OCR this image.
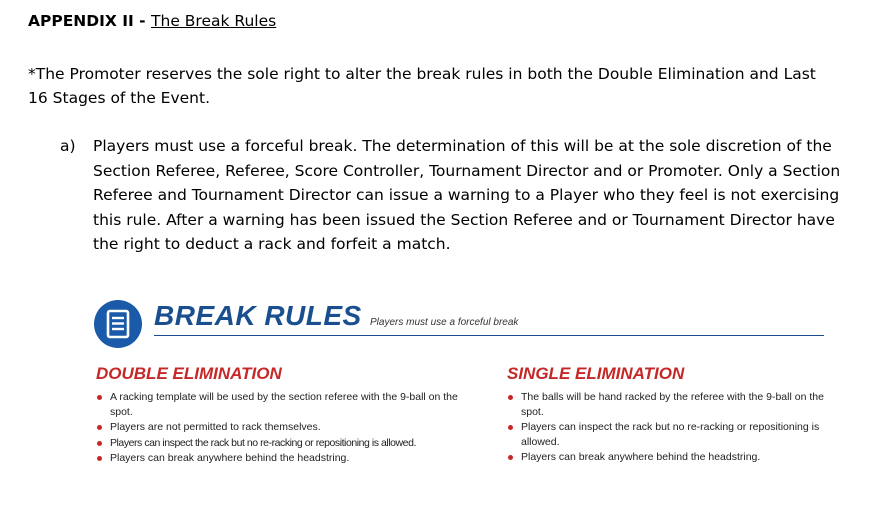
APPENDIX II - The Break Rules
*The Promoter reserves the sole right to alter the break rules in both the Double Elimination and Last 16 Stages of the Event.
a)	Players must use a forceful break. The determination of this will be at the sole discretion of the Section Referee, Referee, Score Controller, Tournament Director and or Promoter. Only a Section Referee and Tournament Director can issue a warning to a Player who they feel is not exercising this rule. After a warning has been issued the Section Referee and or Tournament Director have the right to deduct a rack and forfeit a match.
BREAK RULES Players must use a forceful break
DOUBLE ELIMINATION
A racking template will be used by the section referee with the 9-ball on the spot.
Players are not permitted to rack themselves.
Players can inspect the rack but no re-racking or repositioning is allowed.
Players can break anywhere behind the headstring.
SINGLE ELIMINATION
The balls will be hand racked by the referee with the 9-ball on the spot.
Players can inspect the rack but no re-racking or repositioning is allowed.
Players can break anywhere behind the headstring.
